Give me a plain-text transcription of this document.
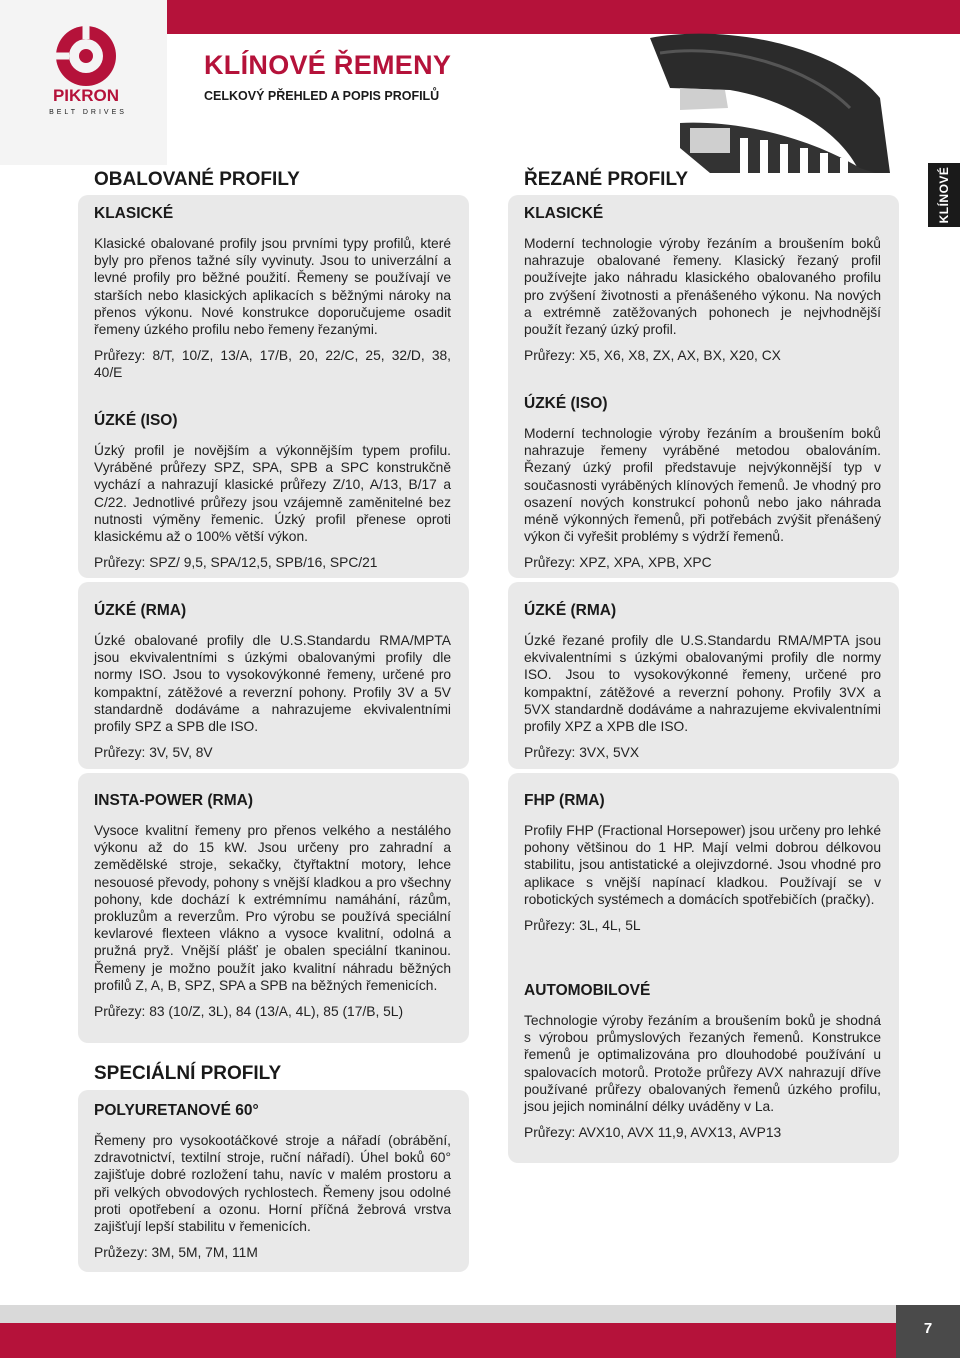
PIKRON
BELT DRIVES
KLÍNOVÉ ŘEMENY
CELKOVÝ PŘEHLED A POPIS PROFILŮ
KLÍNOVÉ
OBALOVANÉ PROFILY	ŘEZANÉ PROFILY
KLASICKÉ

Klasické obalované profily jsou prvními typy profilů, které byly pro přenos tažné síly vyvinuty. Jsou to univerzální a levné profily pro běžné použití. Řemeny se používají ve starších nebo klasických aplikacích s běžnými nároky na přenos výkonu. Nové konstrukce doporučujeme osadit řemeny úzkého profilu nebo řemeny řezanými.

Průřezy: 8/T, 10/Z, 13/A, 17/B, 20, 22/C, 25, 32/D, 38, 40/E

ÚZKÉ (ISO)

Úzký profil je novějším a výkonnějším typem profilu. Vyráběné průřezy SPZ, SPA, SPB a SPC konstrukčně vychází a nahrazují klasické průřezy Z/10, A/13, B/17 a C/22. Jednotlivé průřezy jsou vzájemně zaměnitelné bez nutnosti výměny řemenic. Úzký profil přenese oproti klasickému až o 100% větší výkon.

Průřezy: SPZ/ 9,5, SPA/12,5, SPB/16, SPC/21

ÚZKÉ (RMA)

Úzké obalované profily dle U.S.Standardu RMA/MPTA jsou ekvivalentními s úzkými obalovanými profily dle normy ISO. Jsou to vysokovýkonné řemeny, určené pro kompaktní, zátěžové a reverzní pohony. Profily 3V a 5V standardně dodáváme a nahrazujeme ekvivalentními profily SPZ a SPB dle ISO.

Průřezy: 3V, 5V, 8V

INSTA-POWER (RMA)

Vysoce kvalitní řemeny pro přenos velkého a nestálého výkonu až do 15 kW. Jsou určeny pro zahradní a zemědělské stroje, sekačky, čtyřtaktní motory, lehce nesouosé převody, pohony s vnější kladkou a pro všechny pohony, kde dochází k extrémnímu namáhání, rázům, prokluzům a reverzům. Pro výrobu se používá speciální kevlarové flexteen vlákno a vysoce kvalitní, odolná a pružná pryž. Vnější plášť je obalen speciální tkaninou. Řemeny je možno použít jako kvalitní náhradu běžných profilů Z, A, B, SPZ, SPA a SPB na běžných řemenicích.

Průřezy: 83 (10/Z, 3L), 84 (13/A, 4L), 85 (17/B, 5L)

SPECIÁLNÍ PROFILY
POLYURETANOVÉ 60°

Řemeny pro vysokootáčkové stroje a nářadí (obrábění, zdravotnictví, textilní stroje, ruční nářadí). Úhel boků 60° zajišťuje dobré rozložení tahu, navíc v malém prostoru a při velkých obvodových rychlostech. Řemeny jsou odolné proti opotřebení a ozonu. Horní příčná žebrová vrstva zajišťují lepší stabilitu v řemenicích.

Průžezy: 3M, 5M, 7M, 11M

KLASICKÉ

Moderní technologie výroby řezáním a broušením boků nahrazuje obalované řemeny. Klasický řezaný profil používejte jako náhradu klasického obalovaného profilu pro zvýšení životnosti a přenášeného výkonu. Na nových a extrémně zatěžovaných pohonech je nejvhodnější použít řezaný úzký profil.

Průřezy: X5, X6, X8, ZX, AX, BX, X20, CX

ÚZKÉ (ISO)

Moderní technologie výroby řezáním a broušením boků nahrazuje řemeny vyráběné metodou obalováním. Řezaný úzký profil představuje nejvýkonnější typ v současnosti vyráběných klínových řemenů. Je vhodný pro osazení nových konstrukcí pohonů nebo jako náhrada méně výkonných řemenů, při potřebách zvýšit přenášený výkon či vyřešit problémy s výdrží řemenů.

Průřezy: XPZ, XPA, XPB, XPC

ÚZKÉ (RMA)

Úzké řezané profily dle U.S.Standardu RMA/MPTA jsou ekvivalentními s úzkými obalovanými profily dle normy ISO. Jsou to vysokovýkonné řemeny, určené pro kompaktní, zátěžové a reverzní pohony. Profily 3VX a 5VX standardně dodáváme a nahrazujeme ekvivalentními profily XPZ a XPB dle ISO.

Průřezy: 3VX, 5VX

FHP (RMA)

Profily FHP (Fractional Horsepower) jsou určeny pro lehké pohony většinou do 1 HP. Mají velmi dobrou délkovou stabilitu, jsou antistatické a olejivzdorné. Jsou vhodné pro aplikace s vnější napínací kladkou. Používají se v robotických systémech a domácích spotřebičích (pračky).

Průřezy: 3L, 4L, 5L

AUTOMOBILOVÉ

Technologie výroby řezáním a broušením boků je shodná s výrobou průmyslových řezaných řemenů. Konstrukce řemenů je optimalizována pro dlouhodobé používání u spalovacích motorů. Protože průřezy AVX nahrazují dříve používané průřezy obalovaných řemenů úzkého profilu, jsou jejich nominální délky uváděny v La.

Průřezy: AVX10, AVX 11,9, AVX13, AVP13

7
